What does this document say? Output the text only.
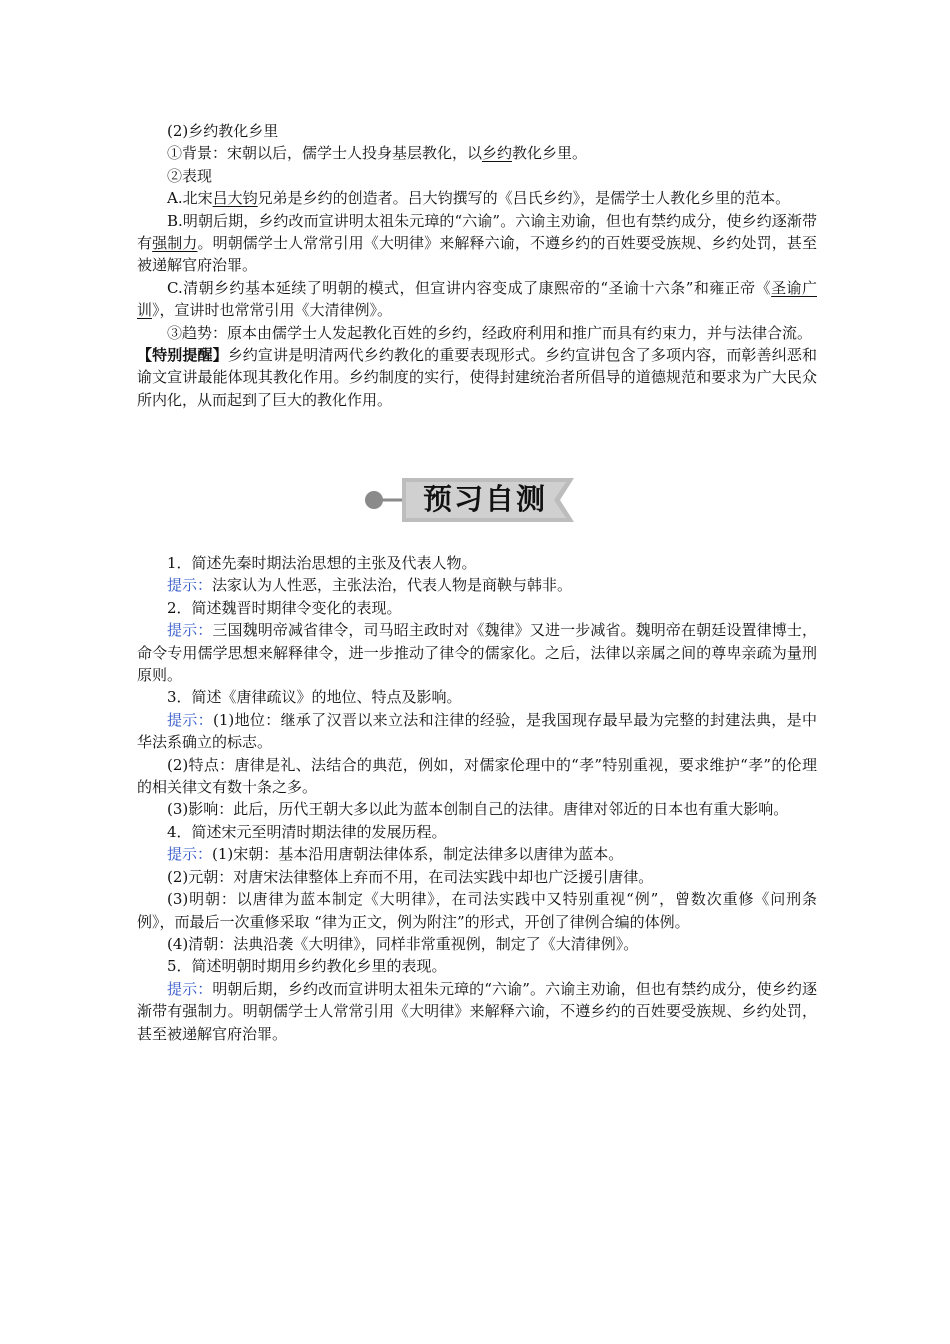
(2)乡约教化乡里

①背景：宋朝以后，儒学士人投身基层教化，以乡约教化乡里。

②表现

A.北宋吕大钧兄弟是乡约的创造者。吕大钧撰写的《吕氏乡约》，是儒学士人教化乡里的范本。

B.明朝后期，乡约改而宣讲明太祖朱元璋的“六谕”。六谕主劝谕，但也有禁约成分，使乡约逐渐带有强制力。明朝儒学士人常常引用《大明律》来解释六谕，不遵乡约的百姓要受族规、乡约处罚，甚至被递解官府治罪。

C.清朝乡约基本延续了明朝的模式，但宣讲内容变成了康熙帝的“圣谕十六条”和雍正帝《圣谕广训》，宣讲时也常常引用《大清律例》。

③趋势：原本由儒学士人发起教化百姓的乡约，经政府利用和推广而具有约束力，并与法律合流。

【特别提醒】乡约宣讲是明清两代乡约教化的重要表现形式。乡约宣讲包含了多项内容，而彰善纠恶和谕文宣讲最能体现其教化作用。乡约制度的实行，使得封建统治者所倡导的道德规范和要求为广大民众所内化，从而起到了巨大的教化作用。

预习自测

1．简述先秦时期法治思想的主张及代表人物。

提示：法家认为人性恶，主张法治，代表人物是商鞅与韩非。

2．简述魏晋时期律令变化的表现。

提示：三国魏明帝减省律令，司马昭主政时对《魏律》又进一步减省。魏明帝在朝廷设置律博士，命令专用儒学思想来解释律令，进一步推动了律令的儒家化。之后，法律以亲属之间的尊卑亲疏为量刑原则。

3．简述《唐律疏议》的地位、特点及影响。

提示：(1)地位：继承了汉晋以来立法和注律的经验，是我国现存最早最为完整的封建法典，是中华法系确立的标志。

(2)特点：唐律是礼、法结合的典范，例如，对儒家伦理中的“孝”特别重视，要求维护“孝”的伦理的相关律文有数十条之多。

(3)影响：此后，历代王朝大多以此为蓝本创制自己的法律。唐律对邻近的日本也有重大影响。

4．简述宋元至明清时期法律的发展历程。

提示：(1)宋朝：基本沿用唐朝法律体系，制定法律多以唐律为蓝本。

(2)元朝：对唐宋法律整体上弃而不用，在司法实践中却也广泛援引唐律。

(3)明朝：以唐律为蓝本制定《大明律》，在司法实践中又特别重视“例”，曾数次重修《问刑条例》，而最后一次重修采取 “律为正文，例为附注”的形式，开创了律例合编的体例。

(4)清朝：法典沿袭《大明律》，同样非常重视例，制定了《大清律例》。

5．简述明朝时期用乡约教化乡里的表现。

提示：明朝后期，乡约改而宣讲明太祖朱元璋的“六谕”。六谕主劝谕，但也有禁约成分，使乡约逐渐带有强制力。明朝儒学士人常常引用《大明律》来解释六谕，不遵乡约的百姓要受族规、乡约处罚，甚至被递解官府治罪。
